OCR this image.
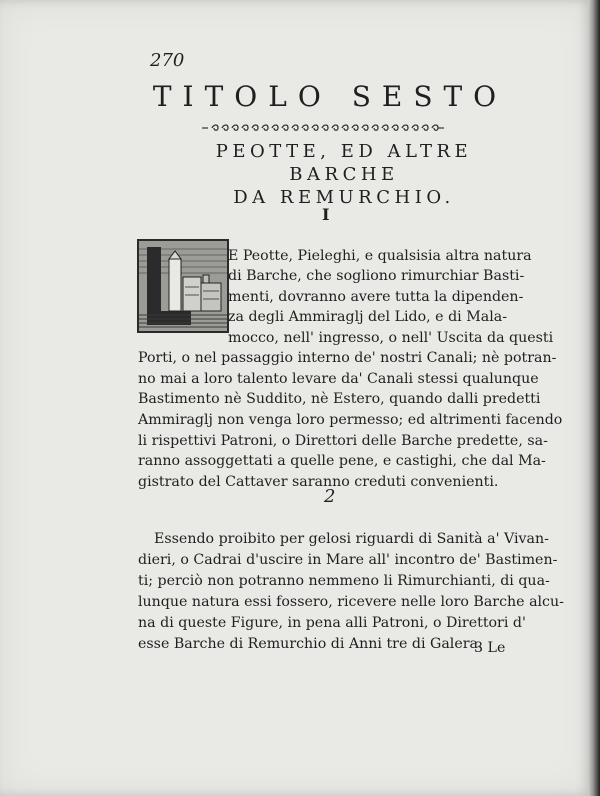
270
TITOLO SESTO
PEOTTE, ED ALTRE BARCHE
DA REMURCHIO.
I
E Peotte, Pieleghi, e qualsisia altra natura
di Barche, che sogliono rimurchiar Basti-
menti, dovranno avere tutta la dipenden-
za degli Ammiraglj del Lido, e di Mala-
mocco, nell' ingresso, o nell' Uscita da questi
Porti, o nel passaggio interno de' nostri Canali; nè potran-
no mai a loro talento levare da' Canali stessi qualunque
Bastimento nè Suddito, nè Estero, quando dalli predetti
Ammiraglj non venga loro permesso; ed altrimenti facendo
li rispettivi Patroni, o Direttori delle Barche predette, sa-
ranno assoggettati a quelle pene, e castighi, che dal Ma-
gistrato del Cattaver saranno creduti convenienti.
2
Essendo proibito per gelosi riguardi di Sanità a' Vivan-
dieri, o Cadrai d'uscire in Mare all' incontro de' Bastimen-
ti; perciò non potranno nemmeno li Rimurchianti, di qua-
lunque natura essi fossero, ricevere nelle loro Barche alcu-
na di queste Figure, in pena alli Patroni, o Direttori d'
esse Barche di Remurchio di Anni tre di Galera.
3 Le
